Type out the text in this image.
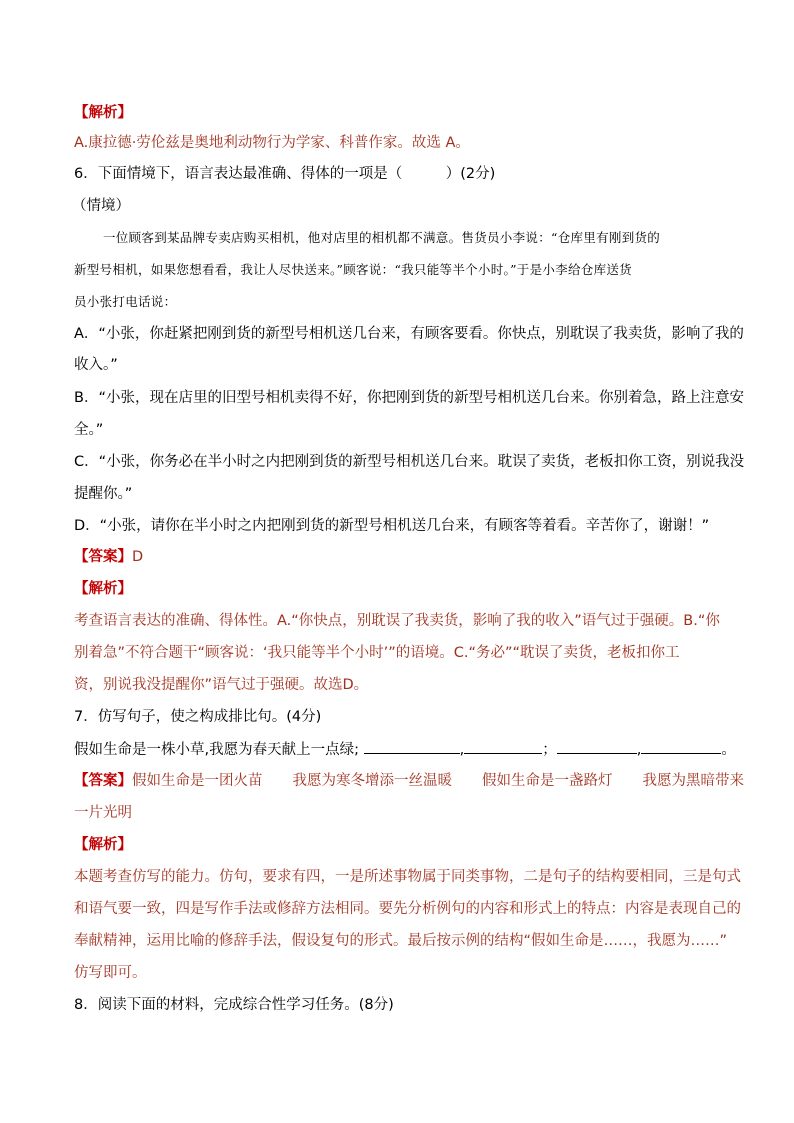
【解析】
A.康拉德·劳伦兹是奥地利动物行为学家、科普作家。故选 A。
6．下面情境下，语言表达最准确、得体的一项是（　　　）(2分)
（情境）
一位顾客到某品牌专卖店购买相机，他对店里的相机都不满意。售货员小李说：“仓库里有刚到货的
新型号相机，如果您想看看，我让人尽快送来。”顾客说：“我只能等半个小时。”于是小李给仓库送货
员小张打电话说：
A．“小张，你赶紧把刚到货的新型号相机送几台来，有顾客要看。你快点，别耽误了我卖货，影响了我的
收入。”
B．“小张，现在店里的旧型号相机卖得不好，你把刚到货的新型号相机送几台来。你别着急，路上注意安
全。”
C．“小张，你务必在半小时之内把刚到货的新型号相机送几台来。耽误了卖货，老板扣你工资，别说我没
提醒你。”
D．“小张，请你在半小时之内把刚到货的新型号相机送几台来，有顾客等着看。辛苦你了，谢谢！”
【答案】D
【解析】
考查语言表达的准确、得体性。A.“你快点，别耽误了我卖货，影响了我的收入”语气过于强硬。B.“你
别着急”不符合题干“顾客说：‘我只能等半个小时’”的语境。C.“务必”“耽误了卖货，老板扣你工
资，别说我没提醒你”语气过于强硬。故选D。
7．仿写句子，使之构成排比句。(4分)
假如生命是一株小草,我愿为春天献上一点绿;	,	；	,	。
【答案】假如生命是一团火苗 我愿为寒冬增添一丝温暖 假如生命是一盏路灯 我愿为黑暗带来
一片光明
【解析】
本题考查仿写的能力。仿句，要求有四，一是所述事物属于同类事物，二是句子的结构要相同，三是句式
和语气要一致，四是写作手法或修辞方法相同。要先分析例句的内容和形式上的特点：内容是表现自己的
奉献精神，运用比喻的修辞手法，假设复句的形式。最后按示例的结构“假如生命是……，我愿为……”
仿写即可。
8．阅读下面的材料，完成综合性学习任务。(8分)
